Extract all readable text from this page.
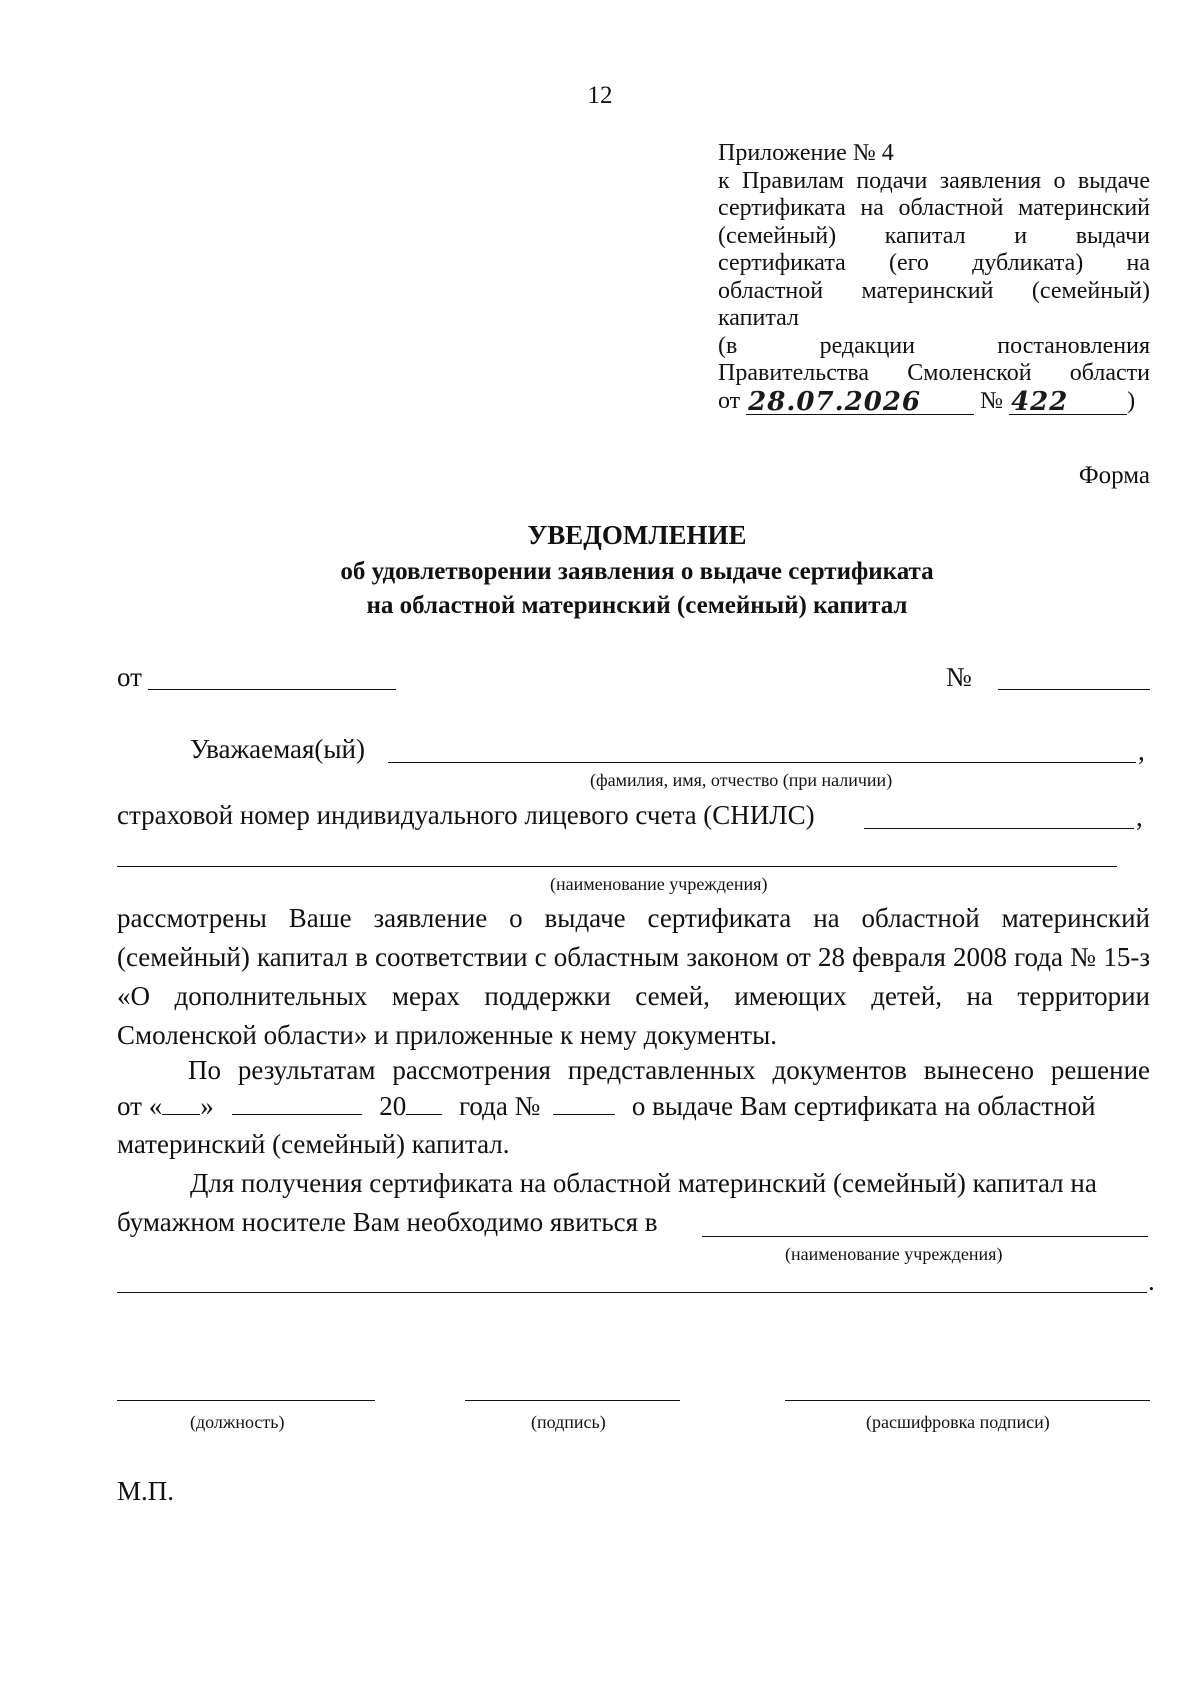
12
Приложение № 4
к Правилам подачи заявления о выдаче
сертификата на областной материнский
(семейный) капитал и выдачи
сертификата (его дубликата) на
областной материнский (семейный)
капитал
(в редакции постановления
Правительства Смоленской области
от 28.07.2026 № 422 )
Форма
УВЕДОМЛЕНИЕ
об удовлетворении заявления о выдаче сертификата
на областной материнский (семейный) капитал
от	№
Уважаемая(ый)	,
(фамилия, имя, отчество (при наличии)
страховой номер индивидуального лицевого счета (СНИЛС)	,
(наименование учреждения)
рассмотрены Ваше заявление о выдаче сертификата на областной материнский (семейный) капитал в соответствии с областным законом от 28 февраля 2008 года № 15-з «О дополнительных мерах поддержки семей, имеющих детей, на территории Смоленской области» и приложенные к нему документы.
По результатам рассмотрения представленных документов вынесено решение
от « »	20 года №	о выдаче Вам сертификата на областной
материнский (семейный) капитал.
Для получения сертификата на областной материнский (семейный) капитал на
бумажном носителе Вам необходимо явиться в
(наименование учреждения)
.
(должность)	(подпись)	(расшифровка подписи)
М.П.
